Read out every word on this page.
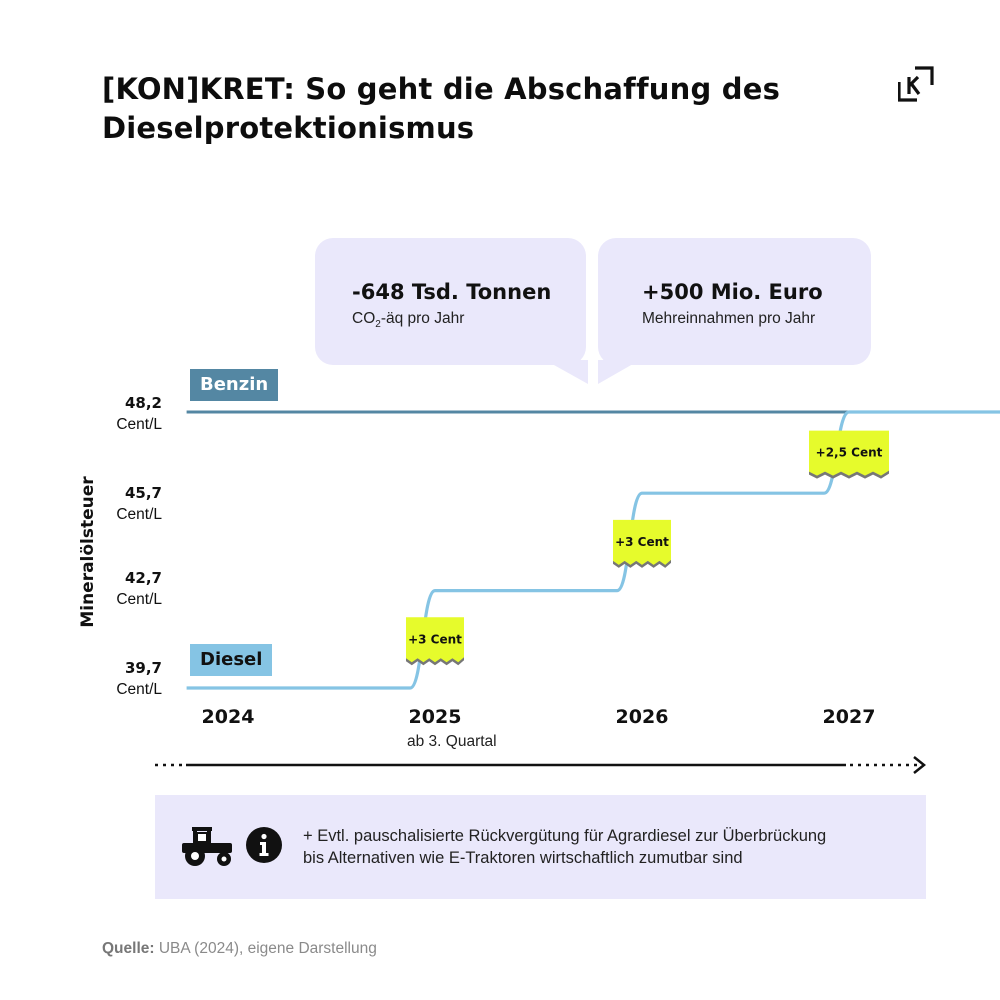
[KON]KRET: So geht die Abschaffung des
Dieselprotektionismus
-648 Tsd. Tonnen
$CO_2-äq$ pro Jahr
+500 Mio. Euro
Mehreinnahmen pro Jahr
+3 Cent
+3 Cent
+2,5 Cent
Benzin
Diesel
Mineralölsteuer
48,2
Cent/L
45,7
Cent/L
42,7
Cent/L
39,7
Cent/L
2024	2025	2026	2027
ab 3. Quartal
+ Evtl. pauschalisierte Rückvergütung für Agrardiesel zur Überbrückung
bis Alternativen wie E-Traktoren wirtschaftlich zumutbar sind
Quelle: UBA (2024), eigene Darstellung
